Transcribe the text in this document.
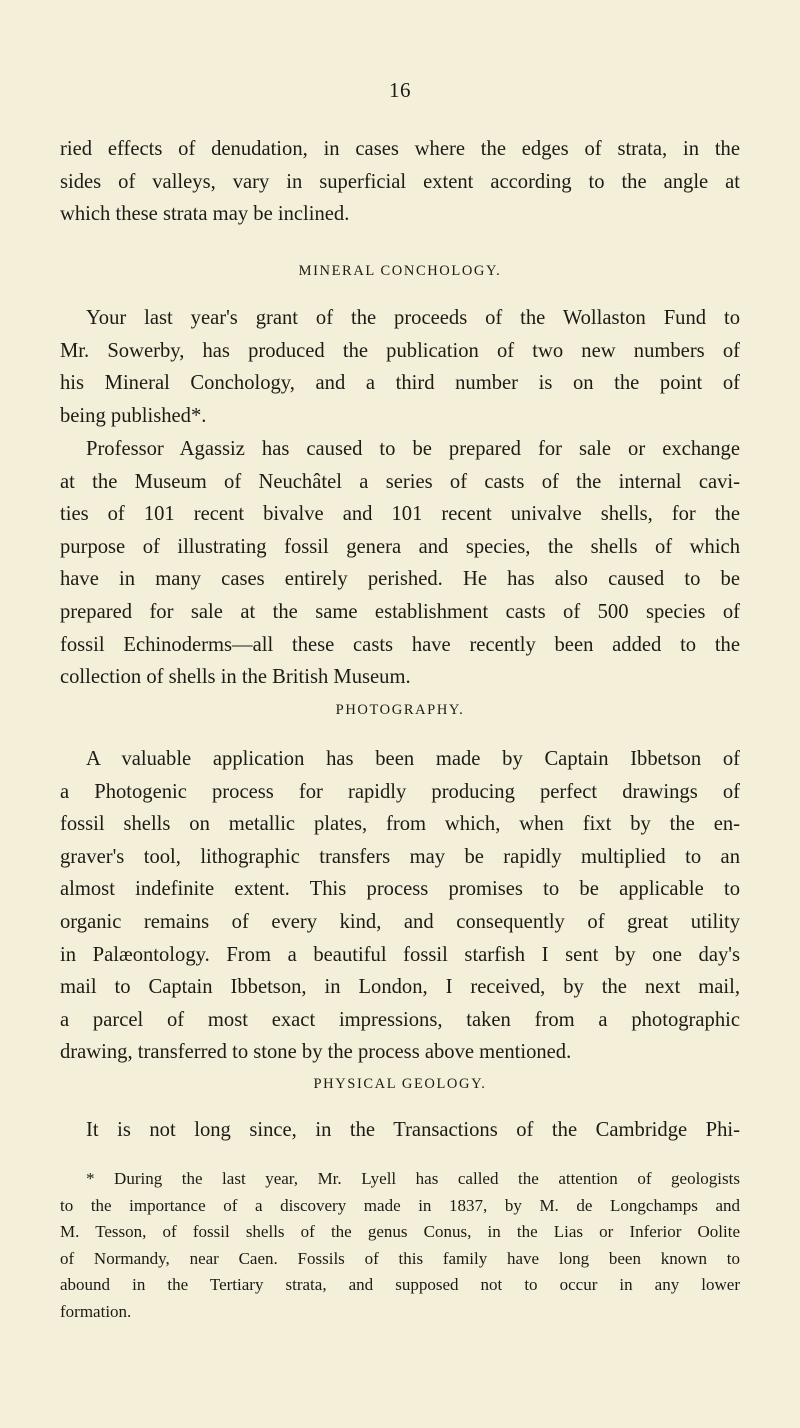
16

ried effects of denudation, in cases where the edges of strata, in the
sides of valleys, vary in superficial extent according to the angle at
which these strata may be inclined.

MINERAL CONCHOLOGY.

Your last year's grant of the proceeds of the Wollaston Fund to
Mr. Sowerby, has produced the publication of two new numbers of
his Mineral Conchology, and a third number is on the point of
being published*.

Professor Agassiz has caused to be prepared for sale or exchange
at the Museum of Neuchâtel a series of casts of the internal cavi-
ties of 101 recent bivalve and 101 recent univalve shells, for the
purpose of illustrating fossil genera and species, the shells of which
have in many cases entirely perished. He has also caused to be
prepared for sale at the same establishment casts of 500 species of
fossil Echinoderms—all these casts have recently been added to the
collection of shells in the British Museum.

PHOTOGRAPHY.

A valuable application has been made by Captain Ibbetson of
a Photogenic process for rapidly producing perfect drawings of
fossil shells on metallic plates, from which, when fixt by the en-
graver's tool, lithographic transfers may be rapidly multiplied to an
almost indefinite extent. This process promises to be applicable to
organic remains of every kind, and consequently of great utility
in Palæontology. From a beautiful fossil starfish I sent by one day's
mail to Captain Ibbetson, in London, I received, by the next mail,
a parcel of most exact impressions, taken from a photographic
drawing, transferred to stone by the process above mentioned.

PHYSICAL GEOLOGY.

It is not long since, in the Transactions of the Cambridge Phi-

* During the last year, Mr. Lyell has called the attention of geologists
to the importance of a discovery made in 1837, by M. de Longchamps and
M. Tesson, of fossil shells of the genus Conus, in the Lias or Inferior Oolite
of Normandy, near Caen. Fossils of this family have long been known to
abound in the Tertiary strata, and supposed not to occur in any lower
formation.
